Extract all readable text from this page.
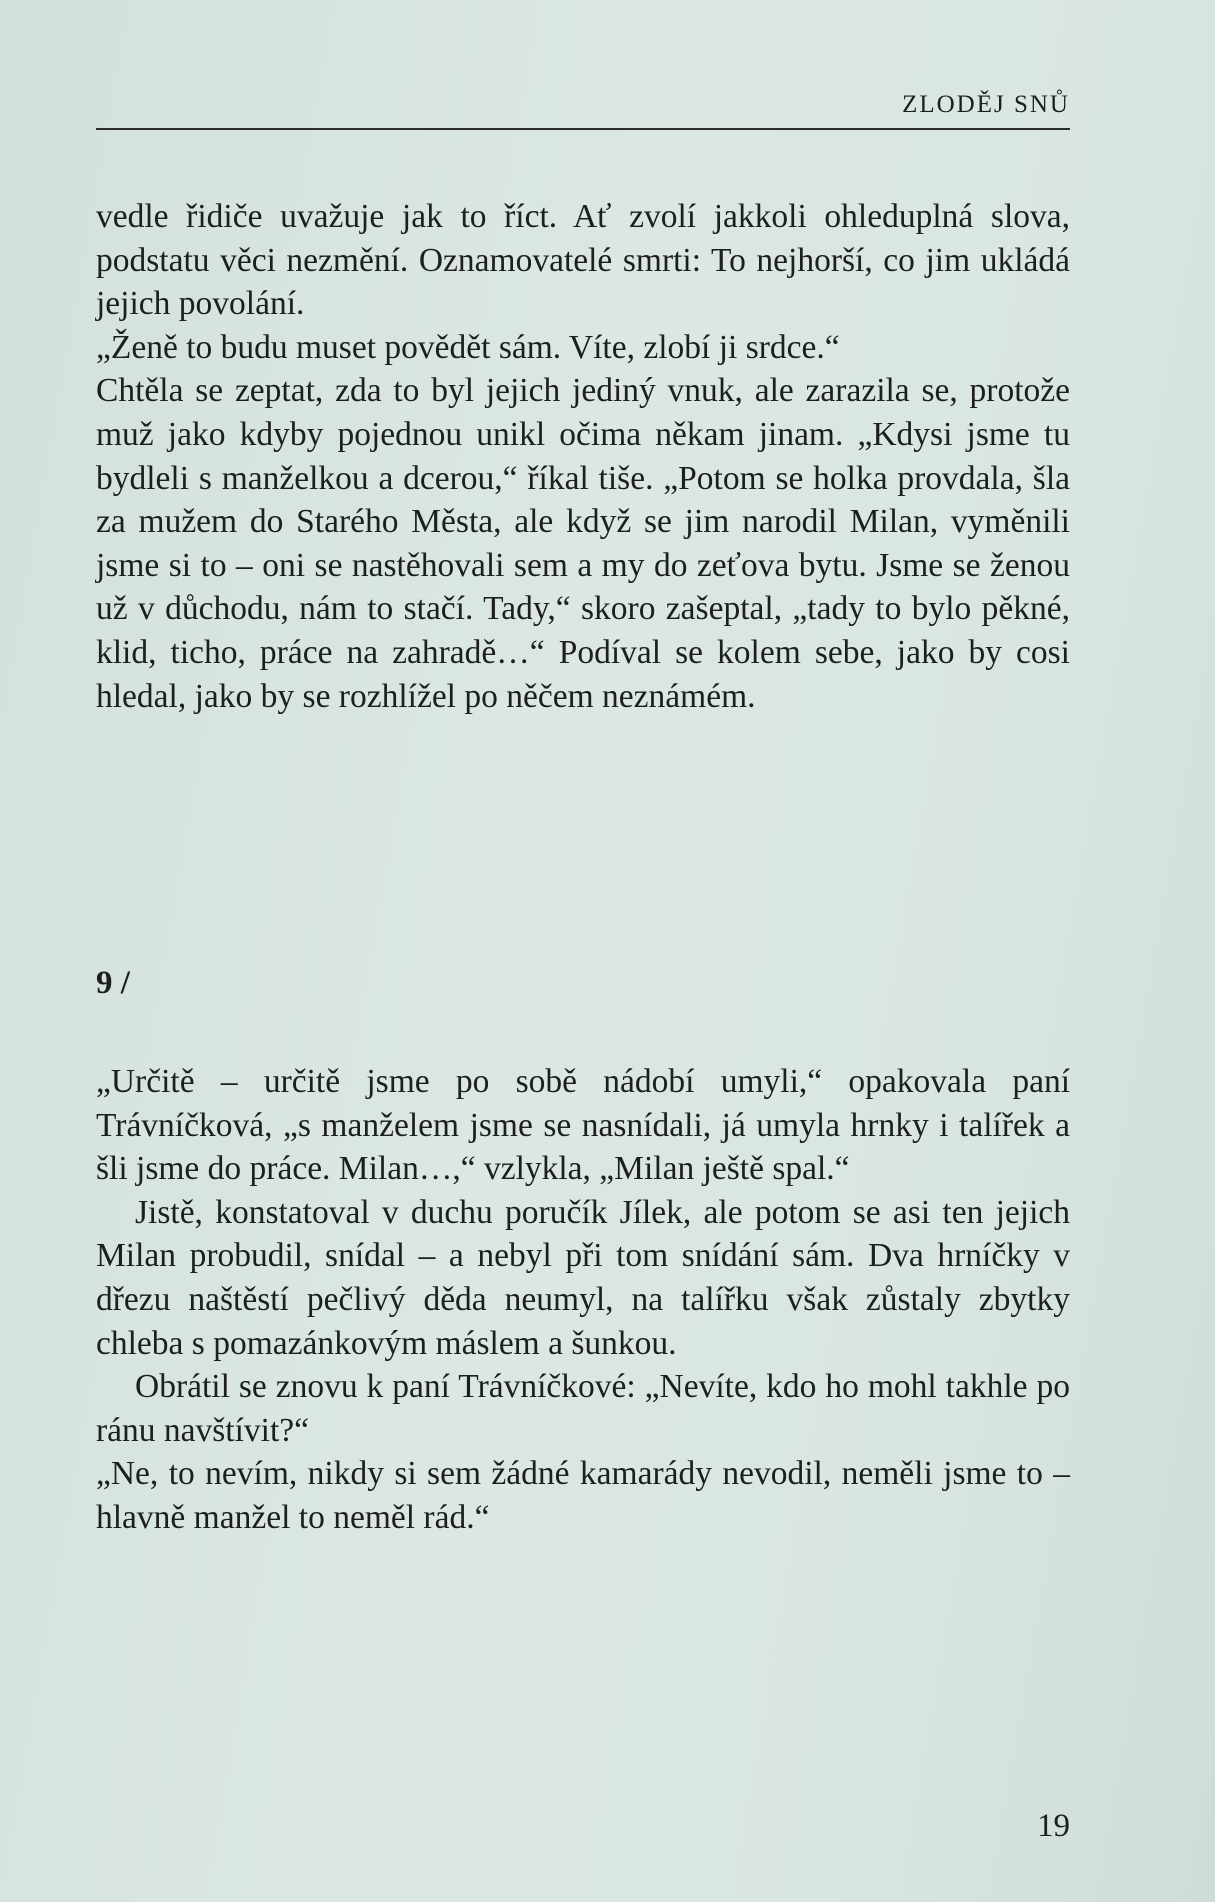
ZLODĚJ SNŮ

vedle řidiče uvažuje jak to říct. Ať zvolí jakkoli ohleduplná slova, podstatu věci nezmění. Oznamovatelé smrti: To nejhorší, co jim ukládá jejich povolání.

„Ženě to budu muset povědět sám. Víte, zlobí ji srdce.“

Chtěla se zeptat, zda to byl jejich jediný vnuk, ale zarazila se, protože muž jako kdyby pojednou unikl očima někam jinam. „Kdysi jsme tu bydleli s manželkou a dcerou,“ říkal tiše. „Potom se holka provdala, šla za mužem do Starého Města, ale když se jim narodil Milan, vyměnili jsme si to – oni se nastěhovali sem a my do zeťova bytu. Jsme se ženou už v důchodu, nám to stačí. Tady,“ skoro zašeptal, „tady to bylo pěkné, klid, ticho, práce na zahradě…“ Podíval se kolem sebe, jako by cosi hledal, jako by se rozhlížel po něčem neznámém.

9 /

„Určitě – určitě jsme po sobě nádobí umyli,“ opakovala paní Trávníčková, „s manželem jsme se nasnídali, já umyla hrnky i talířek a šli jsme do práce. Milan…,“ vzlykla, „Milan ještě spal.“

Jistě, konstatoval v duchu poručík Jílek, ale potom se asi ten jejich Milan probudil, snídal – a nebyl při tom snídání sám. Dva hrníčky v dřezu naštěstí pečlivý děda neumyl, na talířku však zůstaly zbytky chleba s pomazánkovým máslem a šunkou.

Obrátil se znovu k paní Trávníčkové: „Nevíte, kdo ho mohl takhle po ránu navštívit?“

„Ne, to nevím, nikdy si sem žádné kamarády nevodil, neměli jsme to – hlavně manžel to neměl rád.“

19
